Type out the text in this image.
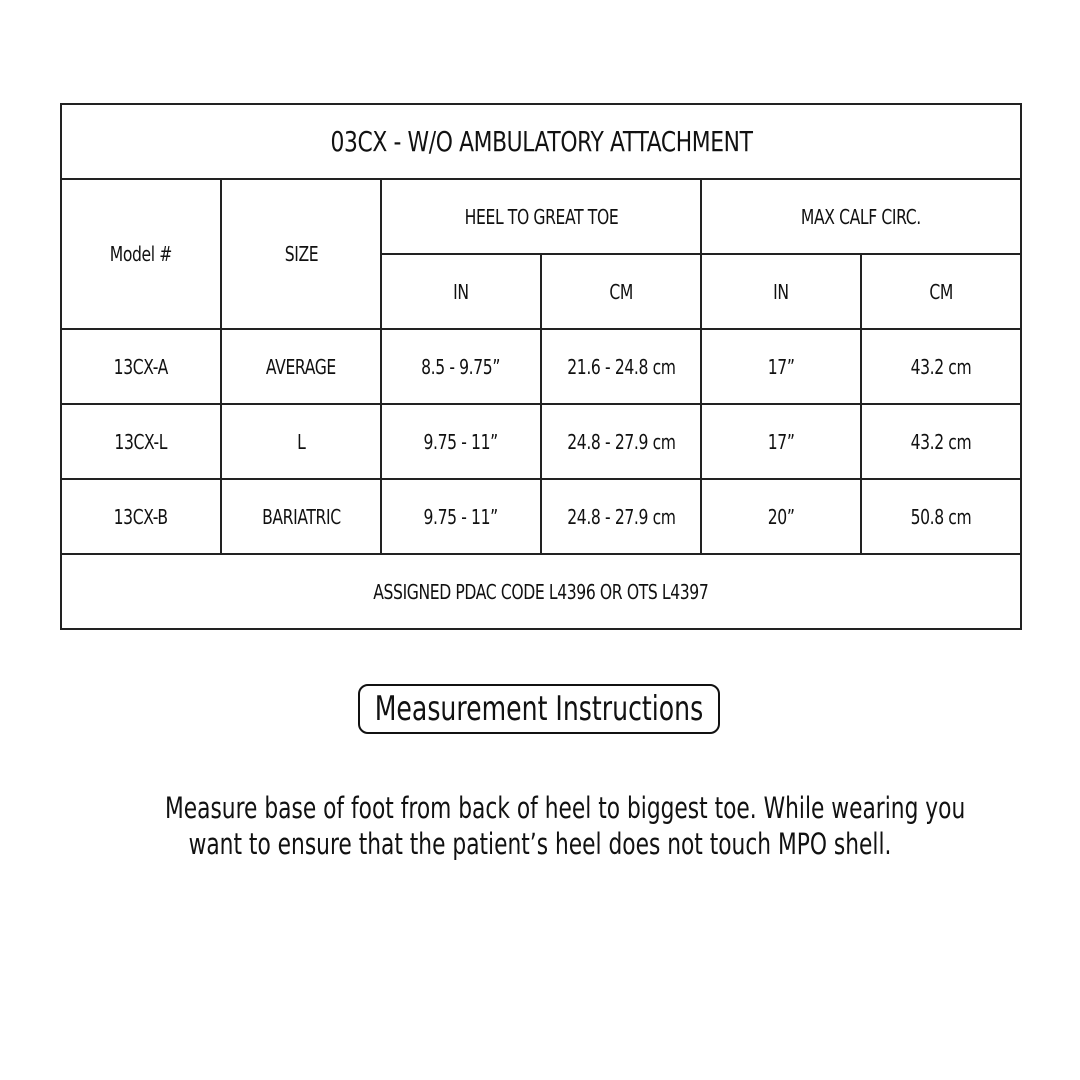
03CX - W/O AMBULATORY ATTACHMENT					
Model #	SIZE	HEEL TO GREAT TOE		MAX CALF CIRC.	
		IN	CM	IN	CM
13CX-A	AVERAGE	8.5 - 9.75”	21.6 - 24.8 cm	17”	43.2 cm
13CX-L	L	9.75 - 11”	24.8 - 27.9 cm	17”	43.2 cm
13CX-B	BARIATRIC	9.75 - 11”	24.8 - 27.9 cm	20”	50.8 cm
ASSIGNED PDAC CODE L4396 OR OTS L4397					
Measurement Instructions
Measure base of foot from back of heel to biggest toe. While wearing you
want to ensure that the patient’s heel does not touch MPO shell.
